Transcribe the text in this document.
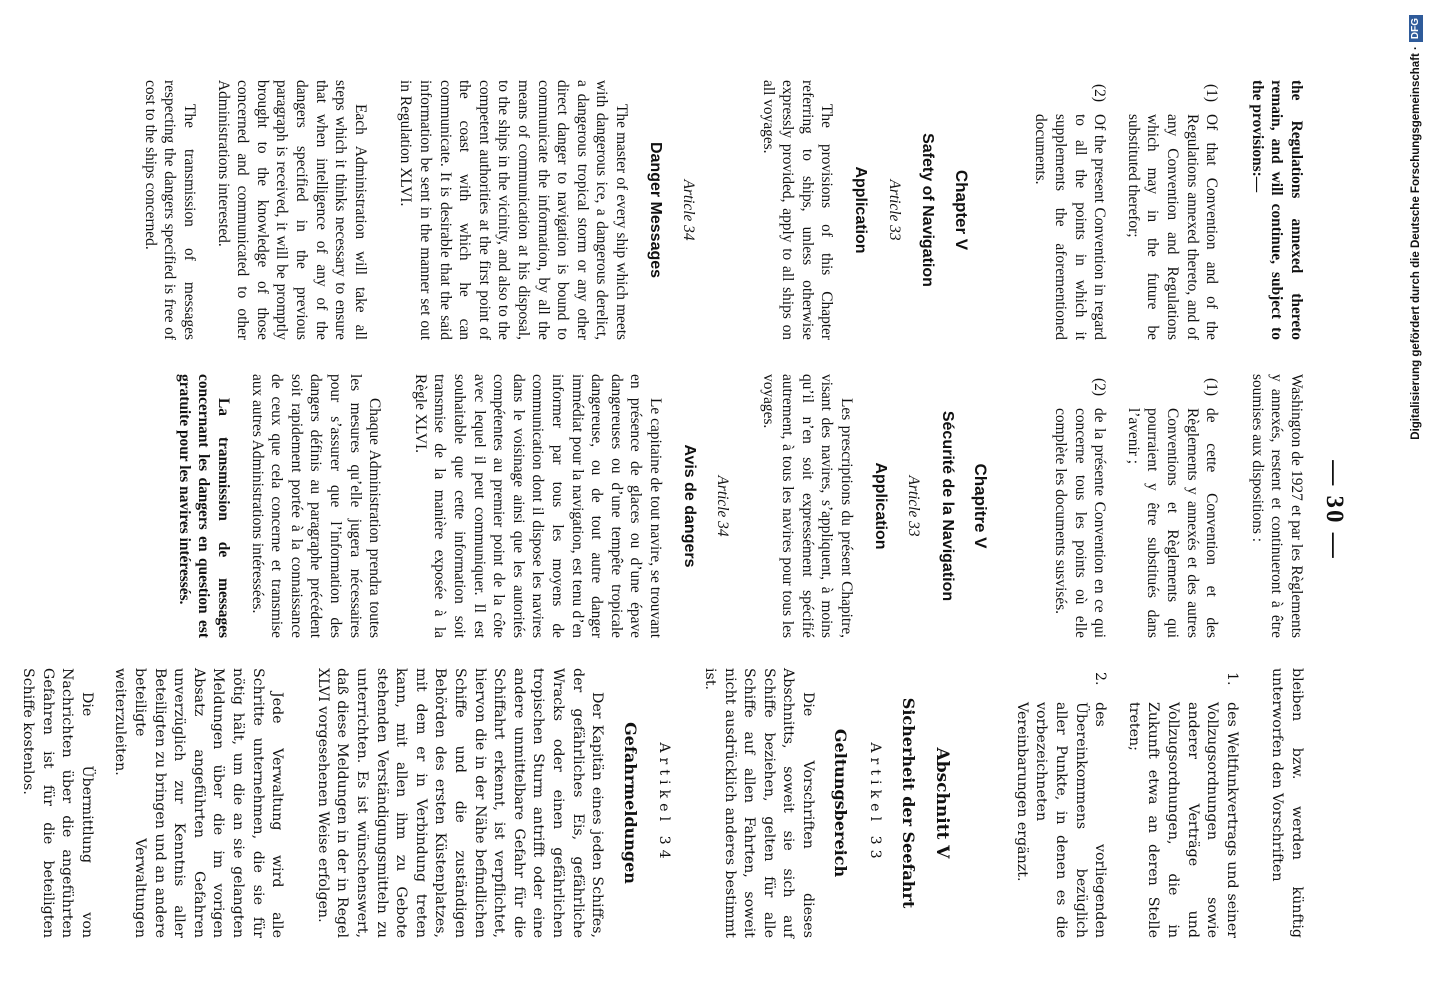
— 30 —

the Regulations annexed thereto remain, and will continue, subject to the provisions:—

(1)

Of that Convention and of the Regulations annexed thereto, and of any Convention and Regulations which may in the future be substituted therefor;

(2)

Of the present Convention in regard to all the points in which it supplements the aforementioned documents.

Chapter V

Safety of Navigation

Article 33

Application

The provisions of this Chapter referring to ships, unless otherwise expressly provided, apply to all ships on all voyages.

Article 34

Danger Messages

The master of every ship which meets with dangerous ice, a dangerous derelict, a dangerous tropical storm or any other direct danger to navigation is bound to communicate the information, by all the means of communication at his disposal, to the ships in the vicinity, and also to the competent authorities at the first point of the coast with which he can communicate. It is desirable that the said information be sent in the manner set out in Regulation XLVI.

Each Administration will take all steps which it thinks necessary to ensure that when intelligence of any of the dangers specified in the previous paragraph is received, it will be promptly brought to the knowledge of those concerned and communicated to other Administrations interested.

The transmission of messages respecting the dangers specified is free of cost to the ships concerned.

Washington de 1927 et par les Règlements y annexés, restent et continueront à être soumises aux dispositions :

(1)

de cette Convention et des Règlements y annexés et des autres Conventions et Règlements qui pourraient y être substitués dans l’avenir ;

(2)

de la présente Convention en ce qui concerne tous les points où elle complète les documents susvisés.

Chapitre V

Sécurité de la Navigation

Article 33

Application

Les prescriptions du présent Chapitre, visant des navires, s’appliquent, à moins qu’il n’en soit expressément spécifié autrement, à tous les navires pour tous les voyages.

Article 34

Avis de dangers

Le capitaine de tout navire, se trouvant en présence de glaces ou d’une épave dangereuses ou d’une tempête tropicale dangereuse, ou de tout autre danger immédiat pour la navigation, est tenu d’en informer par tous les moyens de communication dont il dispose les navires dans le voisinage ainsi que les autorités compétentes au premier point de la côte avec lequel il peut communiquer. Il est souhaitable que cette information soit transmise de la manière exposée à la Règle XLVI.

Chaque Administration prendra toutes les mesures qu’elle jugera nécessaires pour s’assurer que l’information des dangers définis au paragraphe précédent soit rapidement portée à la connaissance de ceux que cela concerne et transmise aux autres Administrations intéressées.

La transmission de messages concernant les dangers en question est gratuite pour les navires intéressés.

bleiben bzw. werden künftig unterworfen den Vorschriften

1.

des Weltfunkvertrags und seiner Vollzugsordnungen sowie anderer Verträge und Vollzugsordnungen, die in Zukunft etwa an deren Stelle treten;

2.

des vorliegenden Übereinkommens bezüglich aller Punkte, in denen es die vorbezeichneten Vereinbarungen ergänzt.

Abschnitt V

Sicherheit der Seefahrt

Artikel 33

Geltungsbereich

Die Vorschriften dieses Abschnitts, soweit sie sich auf Schiffe beziehen, gelten für alle Schiffe auf allen Fahrten, soweit nicht ausdrücklich anderes bestimmt ist.

Artikel 34

Gefahrmeldungen

Der Kapitän eines jeden Schiffes, der gefährliches Eis, gefährliche Wracks oder einen gefährlichen tropischen Sturm antrifft oder eine andere unmittelbare Gefahr für die Schiffahrt erkennt, ist verpflichtet, hiervon die in der Nähe befindlichen Schiffe und die zuständigen Behörden des ersten Küstenplatzes, mit dem er in Verbindung treten kann, mit allen ihm zu Gebote stehenden Verständigungsmitteln zu unterrichten. Es ist wünschenswert, daß diese Meldungen in der in Regel XLVI vorgesehenen Weise erfolgen.

Jede Verwaltung wird alle Schritte unternehmen, die sie für nötig hält, um die an sie gelangten Meldungen über die im vorigen Absatz angeführten Gefahren unverzüglich zur Kenntnis aller Beteiligten zu bringen und an andere beteiligte Verwaltungen weiterzuleiten.

Die Übermittlung von Nachrichten über die angeführten Gefahren ist für die beteiligten Schiffe kostenlos.

Digitalisierung gefördert durch die Deutsche Forschungsgemeinschaft ·
DFG
